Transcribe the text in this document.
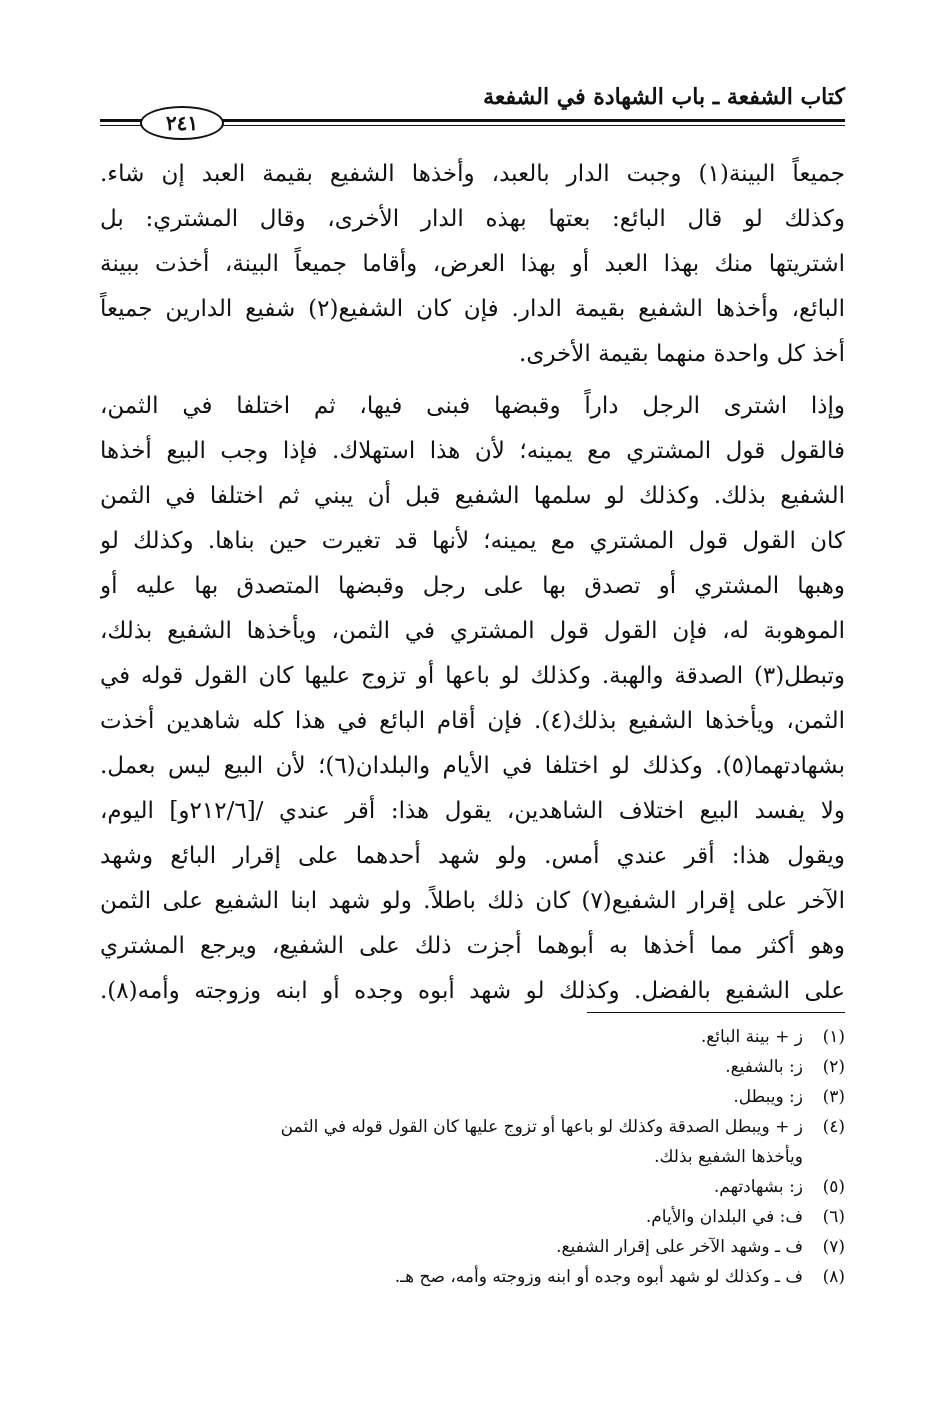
٢٤١
كتاب الشفعة ـ باب الشهادة في الشفعة
جميعاً البينة(١) وجبت الدار بالعبد، وأخذها الشفيع بقيمة العبد إن شاء.
وكذلك لو قال البائع: بعتها بهذه الدار الأخرى، وقال المشتري: بل
اشتريتها منك بهذا العبد أو بهذا العرض، وأقاما جميعاً البينة، أخذت ببينة
البائع، وأخذها الشفيع بقيمة الدار. فإن كان الشفيع(٢) شفيع الدارين جميعاً
أخذ كل واحدة منهما بقيمة الأخرى.
وإذا اشترى الرجل داراً وقبضها فبنى فيها، ثم اختلفا في الثمن،
فالقول قول المشتري مع يمينه؛ لأن هذا استهلاك. فإذا وجب البيع أخذها
الشفيع بذلك. وكذلك لو سلمها الشفيع قبل أن يبني ثم اختلفا في الثمن
كان القول قول المشتري مع يمينه؛ لأنها قد تغيرت حين بناها. وكذلك لو
وهبها المشتري أو تصدق بها على رجل وقبضها المتصدق بها عليه أو
الموهوبة له، فإن القول قول المشتري في الثمن، ويأخذها الشفيع بذلك،
وتبطل(٣) الصدقة والهبة. وكذلك لو باعها أو تزوج عليها كان القول قوله في
الثمن، ويأخذها الشفيع بذلك(٤). فإن أقام البائع في هذا كله شاهدين أخذت
بشهادتهما(٥). وكذلك لو اختلفا في الأيام والبلدان(٦)؛ لأن البيع ليس بعمل.
ولا يفسد البيع اختلاف الشاهدين، يقول هذا: أقر عندي /[٢١٢/٦و] اليوم،
ويقول هذا: أقر عندي أمس. ولو شهد أحدهما على إقرار البائع وشهد
الآخر على إقرار الشفيع(٧) كان ذلك باطلاً. ولو شهد ابنا الشفيع على الثمن
وهو أكثر مما أخذها به أبوهما أجزت ذلك على الشفيع، ويرجع المشتري
على الشفيع بالفضل. وكذلك لو شهد أبوه وجده أو ابنه وزوجته وأمه(٨).
(١)
ز + بينة البائع.
(٢)
ز: بالشفيع.
(٣)
ز: ويبطل.
(٤)
ز + ويبطل الصدقة وكذلك لو باعها أو تزوج عليها كان القول قوله في الثمن
ويأخذها الشفيع بذلك.
(٥)
ز: بشهادتهم.
(٦)
ف: في البلدان والأيام.
(٧)
ف ـ وشهد الآخر على إقرار الشفيع.
(٨)
ف ـ وكذلك لو شهد أبوه وجده أو ابنه وزوجته وأمه، صح هـ.
